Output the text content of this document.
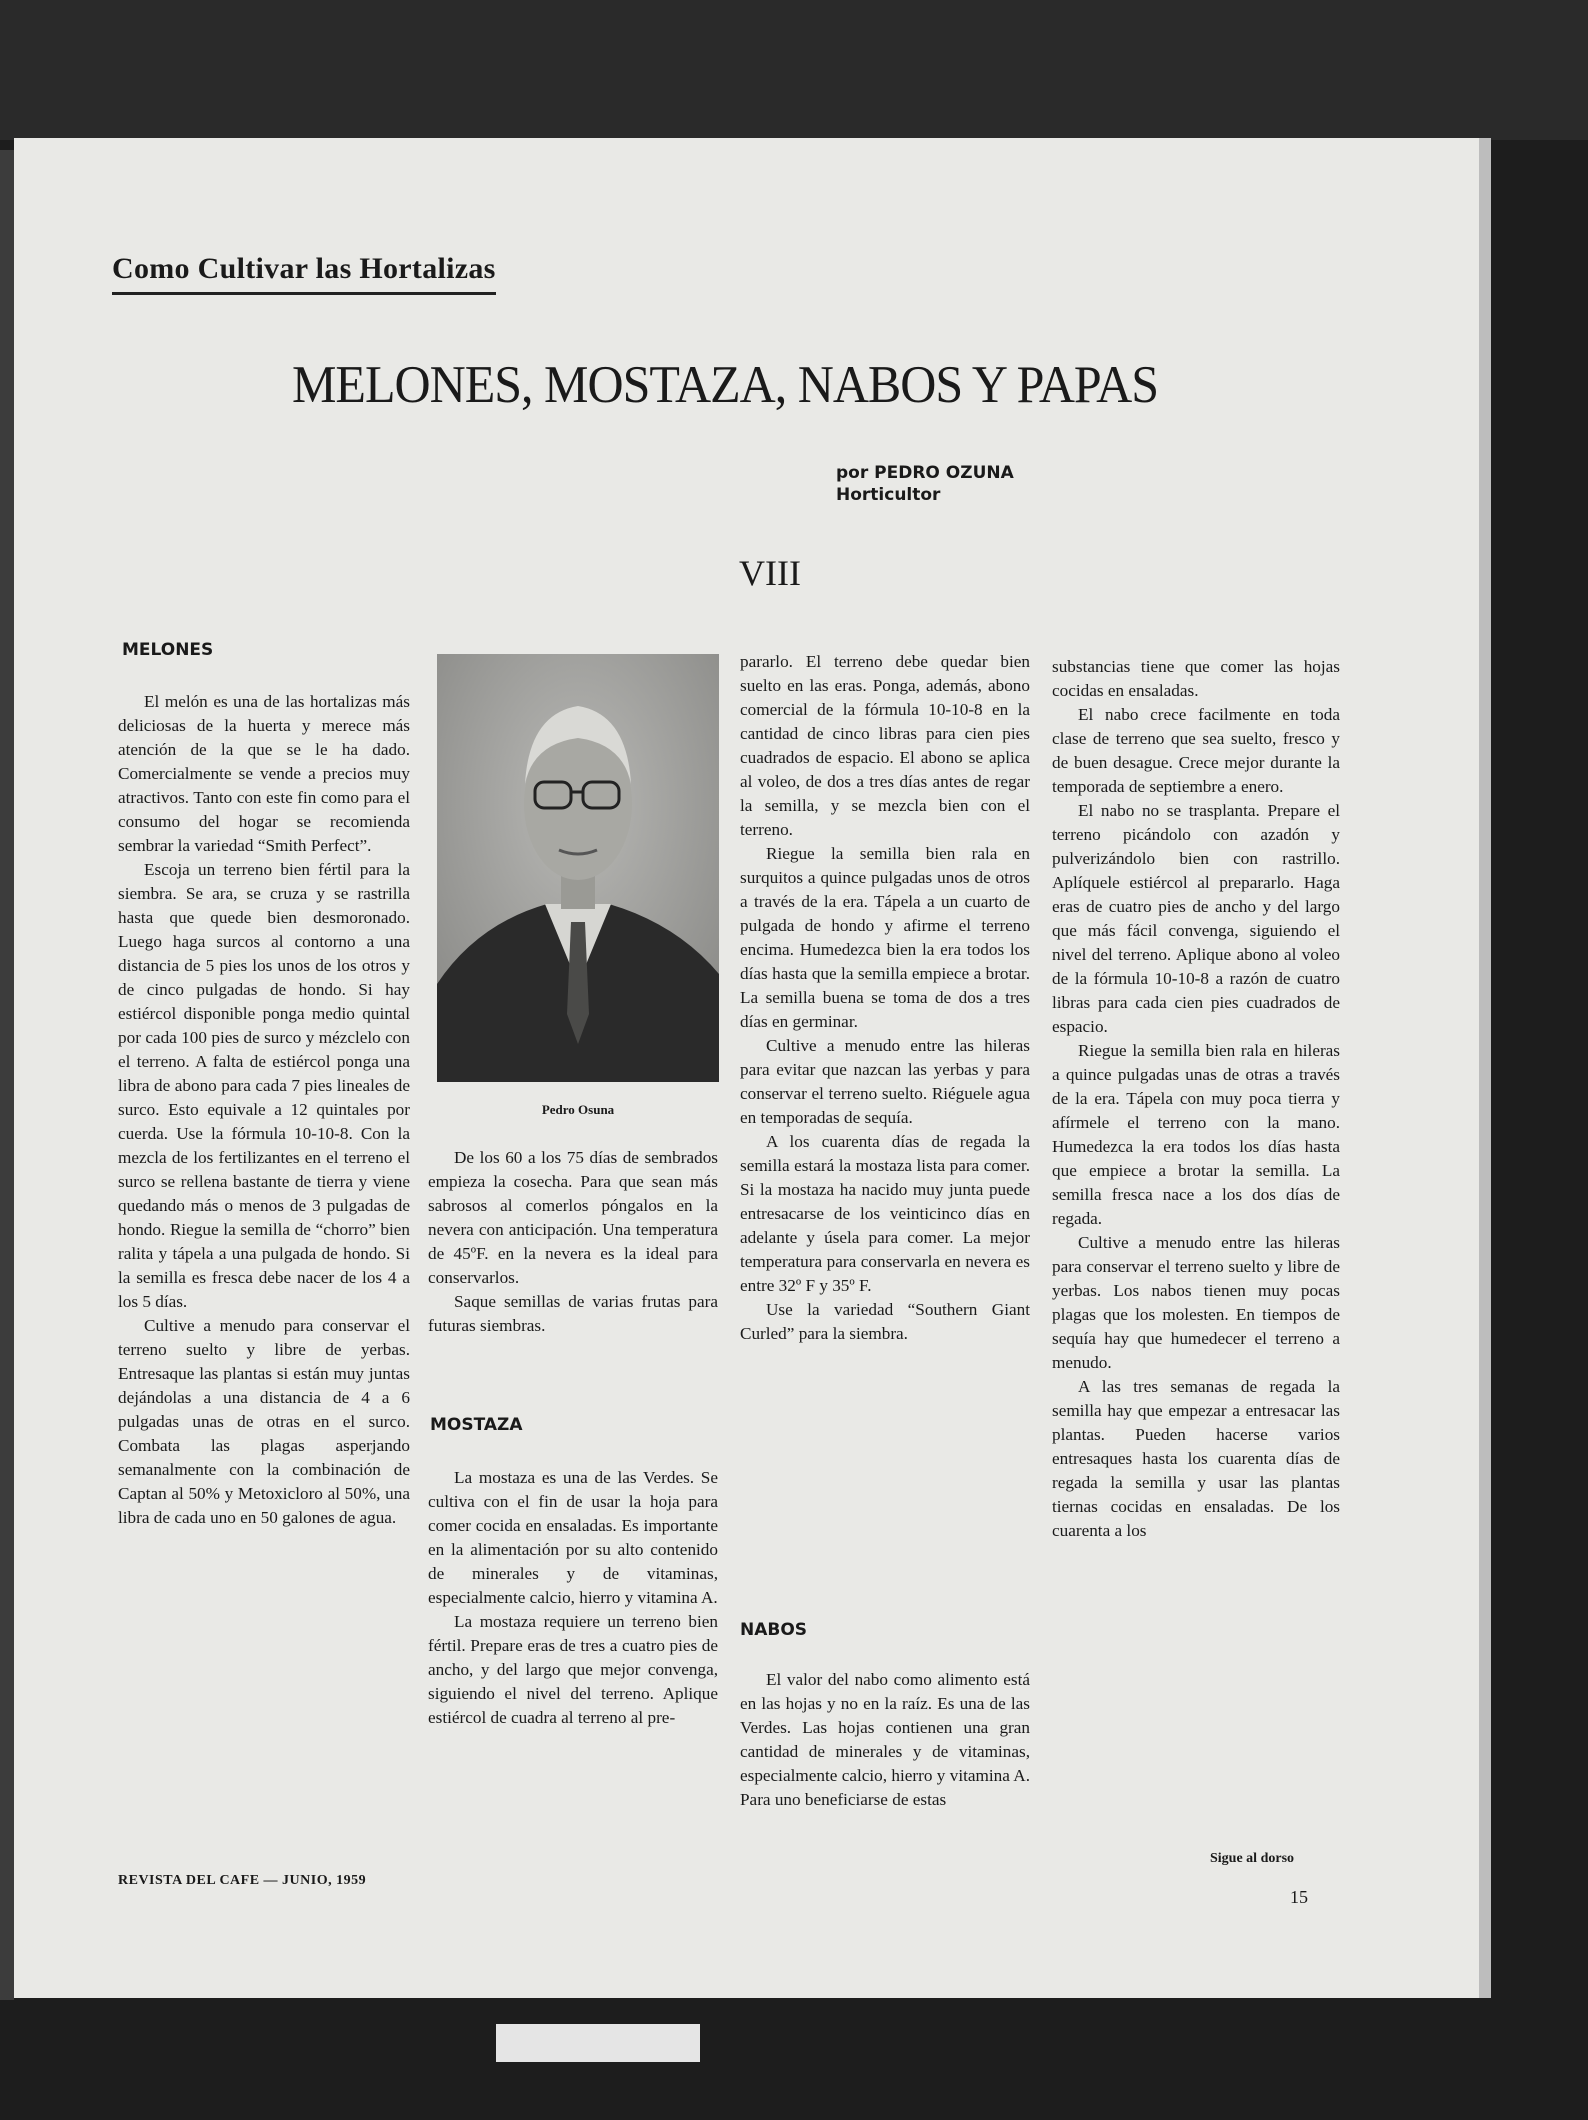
Como Cultivar las Hortalizas
MELONES, MOSTAZA, NABOS Y PAPAS
por PEDRO OZUNA
Horticultor
VIII
MELONES

El melón es una de las hortalizas más deliciosas de la huerta y merece más atención de la que se le ha dado. Comercialmente se vende a precios muy atractivos. Tanto con este fin como para el consumo del hogar se recomienda sembrar la variedad “Smith Perfect”.

Escoja un terreno bien fértil para la siembra. Se ara, se cruza y se rastrilla hasta que quede bien desmoronado. Luego haga surcos al contorno a una distancia de 5 pies los unos de los otros y de cinco pulgadas de hondo. Si hay estiércol disponible ponga medio quintal por cada 100 pies de surco y mézclelo con el terreno. A falta de estiércol ponga una libra de abono para cada 7 pies lineales de surco. Esto equivale a 12 quintales por cuerda. Use la fórmula 10-10-8. Con la mezcla de los fertilizantes en el terreno el surco se rellena bastante de tierra y viene quedando más o menos de 3 pulgadas de hondo. Riegue la semilla de “chorro” bien ralita y tápela a una pulgada de hondo. Si la semilla es fresca debe nacer de los 4 a los 5 días.

Cultive a menudo para conservar el terreno suelto y libre de yerbas. Entresaque las plantas si están muy juntas dejándolas a una distancia de 4 a 6 pulgadas unas de otras en el surco. Combata las plagas asperjando semanalmente con la combinación de Captan al 50% y Metoxicloro al 50%, una libra de cada uno en 50 galones de agua.

Pedro Osuna

De los 60 a los 75 días de sembrados empieza la cosecha. Para que sean más sabrosos al comerlos póngalos en la nevera con anticipación. Una temperatura de 45ºF. en la nevera es la ideal para conservarlos.

Saque semillas de varias frutas para futuras siembras.

MOSTAZA

La mostaza es una de las Verdes. Se cultiva con el fin de usar la hoja para comer cocida en ensaladas. Es importante en la alimentación por su alto contenido de minerales y de vitaminas, especialmente calcio, hierro y vitamina A.

La mostaza requiere un terreno bien fértil. Prepare eras de tres a cuatro pies de ancho, y del largo que mejor convenga, siguiendo el nivel del terreno. Aplique estiércol de cuadra al terreno al pre-

pararlo. El terreno debe quedar bien suelto en las eras. Ponga, además, abono comercial de la fórmula 10-10-8 en la cantidad de cinco libras para cien pies cuadrados de espacio. El abono se aplica al voleo, de dos a tres días antes de regar la semilla, y se mezcla bien con el terreno.

Riegue la semilla bien rala en surquitos a quince pulgadas unos de otros a través de la era. Tápela a un cuarto de pulgada de hondo y afirme el terreno encima. Humedezca bien la era todos los días hasta que la semilla empiece a brotar. La semilla buena se toma de dos a tres días en germinar.

Cultive a menudo entre las hileras para evitar que nazcan las yerbas y para conservar el terreno suelto. Riéguele agua en temporadas de sequía.

A los cuarenta días de regada la semilla estará la mostaza lista para comer. Si la mostaza ha nacido muy junta puede entresacarse de los veinticinco días en adelante y úsela para comer. La mejor temperatura para conservarla en nevera es entre 32º F y 35º F.

Use la variedad “Southern Giant Curled” para la siembra.

NABOS

El valor del nabo como alimento está en las hojas y no en la raíz. Es una de las Verdes. Las hojas contienen una gran cantidad de minerales y de vitaminas, especialmente calcio, hierro y vitamina A. Para uno beneficiarse de estas

substancias tiene que comer las hojas cocidas en ensaladas.

El nabo crece facilmente en toda clase de terreno que sea suelto, fresco y de buen desague. Crece mejor durante la temporada de septiembre a enero.

El nabo no se trasplanta. Prepare el terreno picándolo con azadón y pulverizándolo bien con rastrillo. Aplíquele estiércol al prepararlo. Haga eras de cuatro pies de ancho y del largo que más fácil convenga, siguiendo el nivel del terreno. Aplique abono al voleo de la fórmula 10-10-8 a razón de cuatro libras para cada cien pies cuadrados de espacio.

Riegue la semilla bien rala en hileras a quince pulgadas unas de otras a través de la era. Tápela con muy poca tierra y afírmele el terreno con la mano. Humedezca la era todos los días hasta que empiece a brotar la semilla. La semilla fresca nace a los dos días de regada.

Cultive a menudo entre las hileras para conservar el terreno suelto y libre de yerbas. Los nabos tienen muy pocas plagas que los molesten. En tiempos de sequía hay que humedecer el terreno a menudo.

A las tres semanas de regada la semilla hay que empezar a entresacar las plantas. Pueden hacerse varios entresaques hasta los cuarenta días de regada la semilla y usar las plantas tiernas cocidas en ensaladas. De los cuarenta a los

REVISTA DEL CAFE — JUNIO, 1959
Sigue al dorso
15
